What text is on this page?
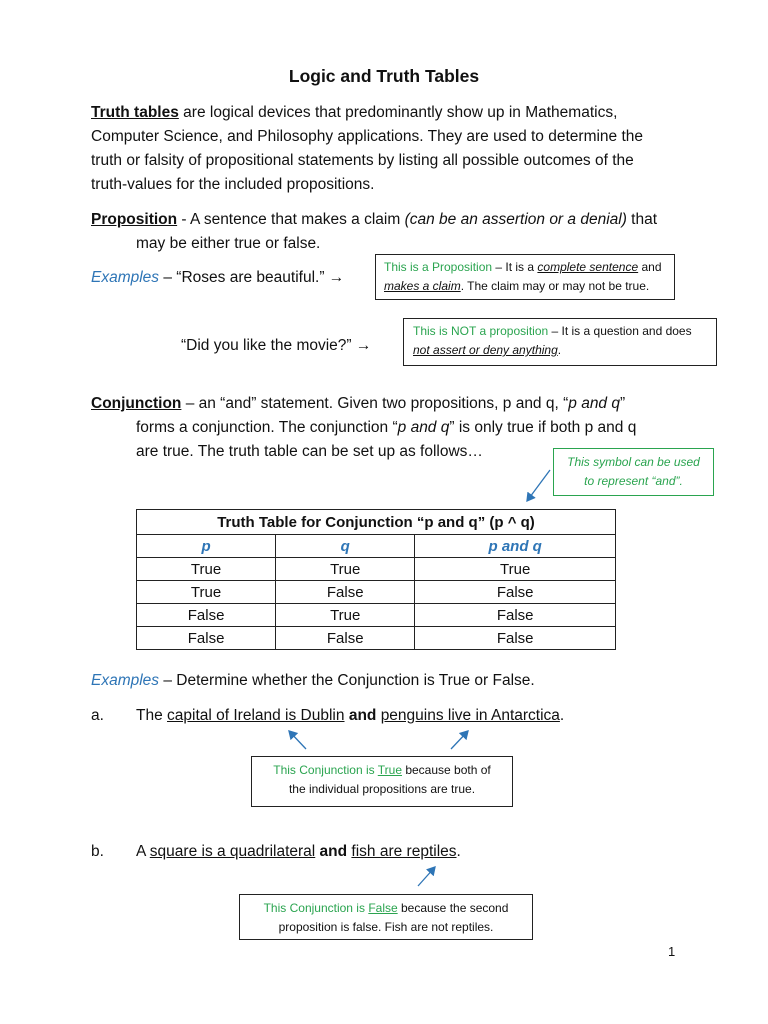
Logic and Truth Tables
Truth tables are logical devices that predominantly show up in Mathematics,
Computer Science, and Philosophy applications. They are used to determine the
truth or falsity of propositional statements by listing all possible outcomes of the
truth-values for the included propositions.
Proposition - A sentence that makes a claim (can be an assertion or a denial) that
may be either true or false.
Examples – “Roses are beautiful.” →
“Did you like the movie?” →
This is a Proposition – It is a complete sentence and
makes a claim. The claim may or may not be true.
This is NOT a proposition – It is a question and does
not assert or deny anything.
Conjunction – an “and” statement. Given two propositions, p and q, “p and q”
forms a conjunction. The conjunction “p and q” is only true if both p and q
are true. The truth table can be set up as follows…
This symbol can be used to represent “and”.
Truth Table for Conjunction “p and q” (p ^ q)		
p	q	p and q
True	True	True
True	False	False
False	True	False
False	False	False
Examples – Determine whether the Conjunction is True or False.
a. The capital of Ireland is Dublin and penguins live in Antarctica.
This Conjunction is True because both of
the individual propositions are true.
b. A square is a quadrilateral and fish are reptiles.
This Conjunction is False because the second
proposition is false. Fish are not reptiles.
1
